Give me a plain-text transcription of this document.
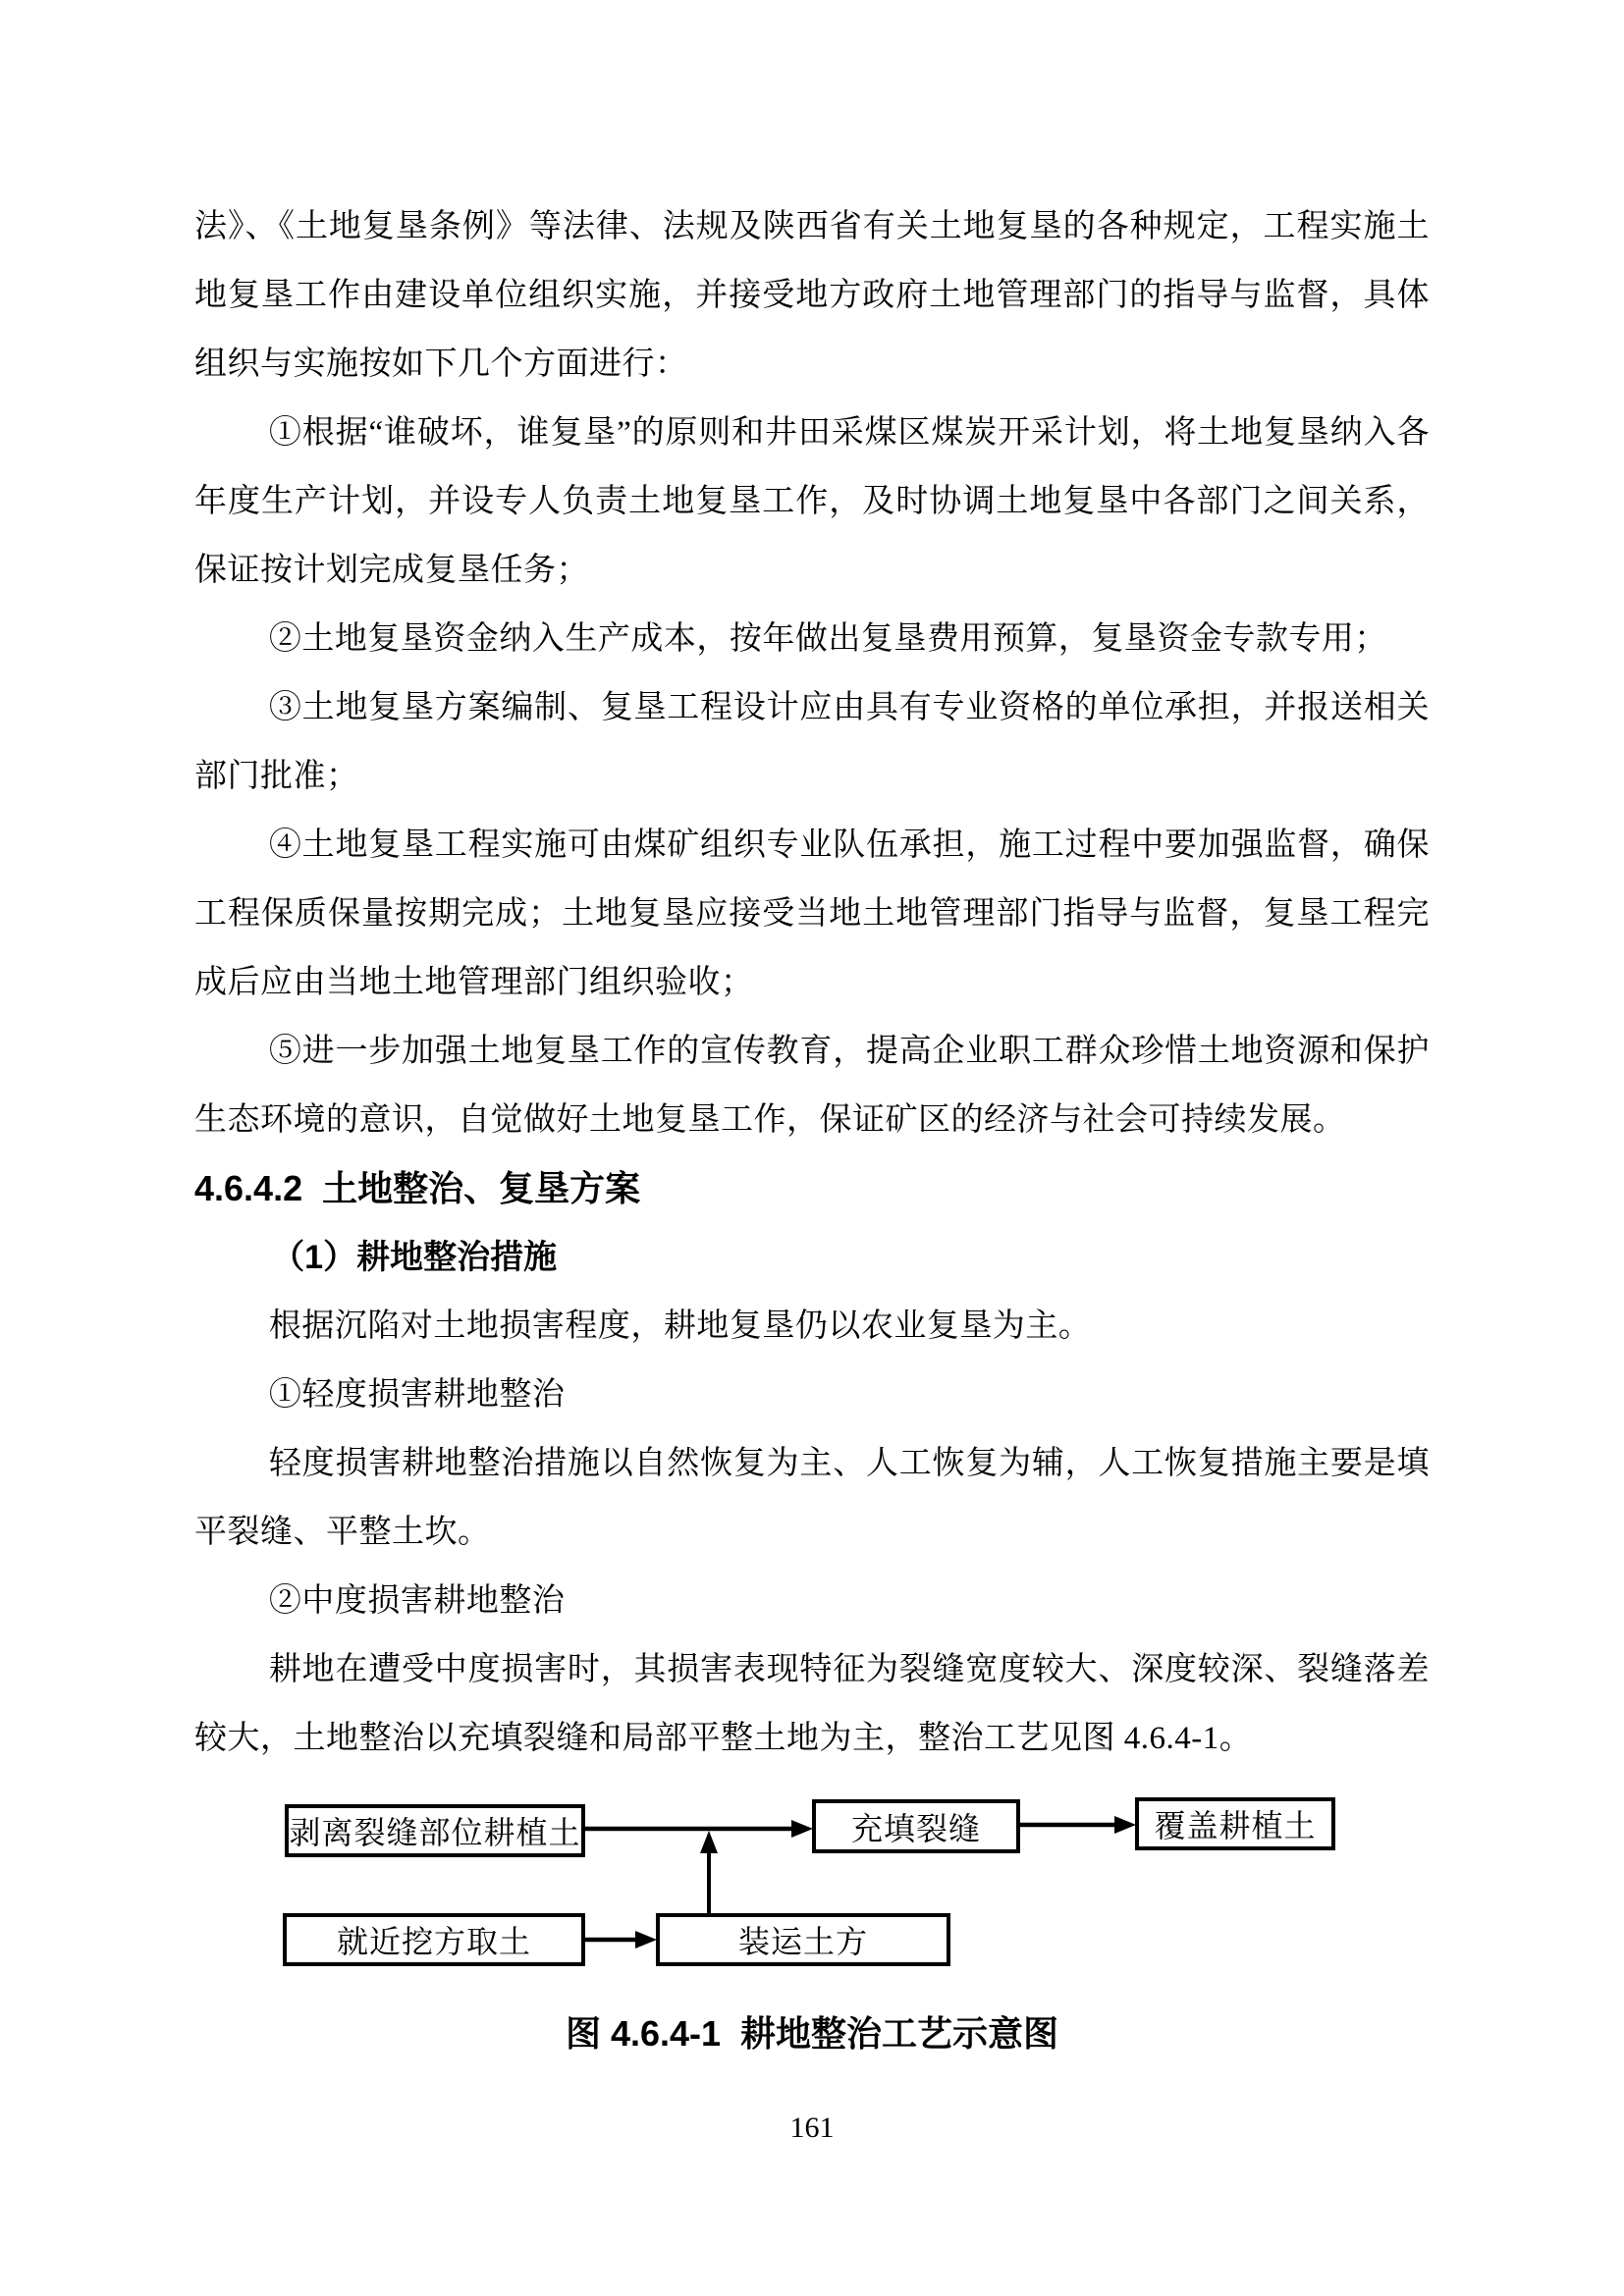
法》、《土地复垦条例》等法律、法规及陕西省有关土地复垦的各种规定，工程实施土地复垦工作由建设单位组织实施，并接受地方政府土地管理部门的指导与监督，具体组织与实施按如下几个方面进行：

①根据“谁破坏，谁复垦”的原则和井田采煤区煤炭开采计划，将土地复垦纳入各年度生产计划，并设专人负责土地复垦工作，及时协调土地复垦中各部门之间关系，保证按计划完成复垦任务；

②土地复垦资金纳入生产成本，按年做出复垦费用预算，复垦资金专款专用；

③土地复垦方案编制、复垦工程设计应由具有专业资格的单位承担，并报送相关部门批准；

④土地复垦工程实施可由煤矿组织专业队伍承担，施工过程中要加强监督，确保工程保质保量按期完成；土地复垦应接受当地土地管理部门指导与监督，复垦工程完成后应由当地土地管理部门组织验收；

⑤进一步加强土地复垦工作的宣传教育，提高企业职工群众珍惜土地资源和保护生态环境的意识，自觉做好土地复垦工作，保证矿区的经济与社会可持续发展。

4.6.4.2  土地整治、复垦方案
（1）耕地整治措施

根据沉陷对土地损害程度，耕地复垦仍以农业复垦为主。

①轻度损害耕地整治

轻度损害耕地整治措施以自然恢复为主、人工恢复为辅，人工恢复措施主要是填平裂缝、平整土坎。

②中度损害耕地整治

耕地在遭受中度损害时，其损害表现特征为裂缝宽度较大、深度较深、裂缝落差较大，土地整治以充填裂缝和局部平整土地为主，整治工艺见图 4.6.4-1。

剥离裂缝部位耕植土	充填裂缝	覆盖耕植土
就近挖方取土	装运土方

图 4.6.4-1  耕地整治工艺示意图

161
